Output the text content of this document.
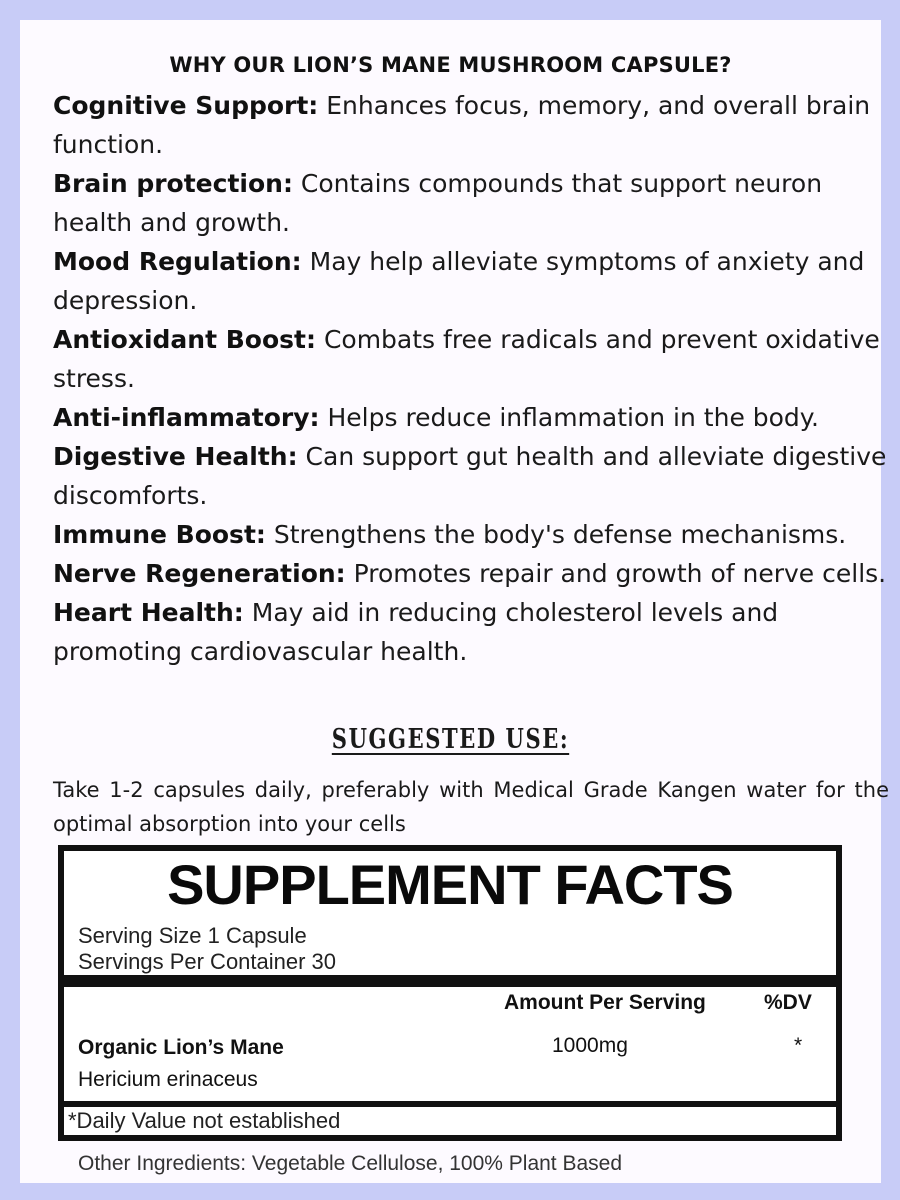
WHY OUR LION’S MANE MUSHROOM CAPSULE?

Cognitive Support: Enhances focus, memory, and overall brain function.

Brain protection: Contains compounds that support neuron health and growth.

Mood Regulation: May help alleviate symptoms of anxiety and depression.

Antioxidant Boost: Combats free radicals and prevent oxidative stress.

Anti-inflammatory: Helps reduce inflammation in the body.

Digestive Health: Can support gut health and alleviate digestive discomforts.

Immune Boost: Strengthens the body's defense mechanisms.

Nerve Regeneration: Promotes repair and growth of nerve cells.

Heart Health: May aid in reducing cholesterol levels and promoting cardiovascular health.

SUGGESTED USE:
Take 1-2 capsules daily, preferably with Medical Grade Kangen water for the optimal absorption into your cells
SUPPLEMENT FACTS
Serving Size 1 Capsule
Servings Per Container 30
Amount Per Serving	%DV
Organic Lion’s Mane
Hericium erinaceus
1000mg	*
*Daily Value not established
Other Ingredients: Vegetable Cellulose, 100% Plant Based
